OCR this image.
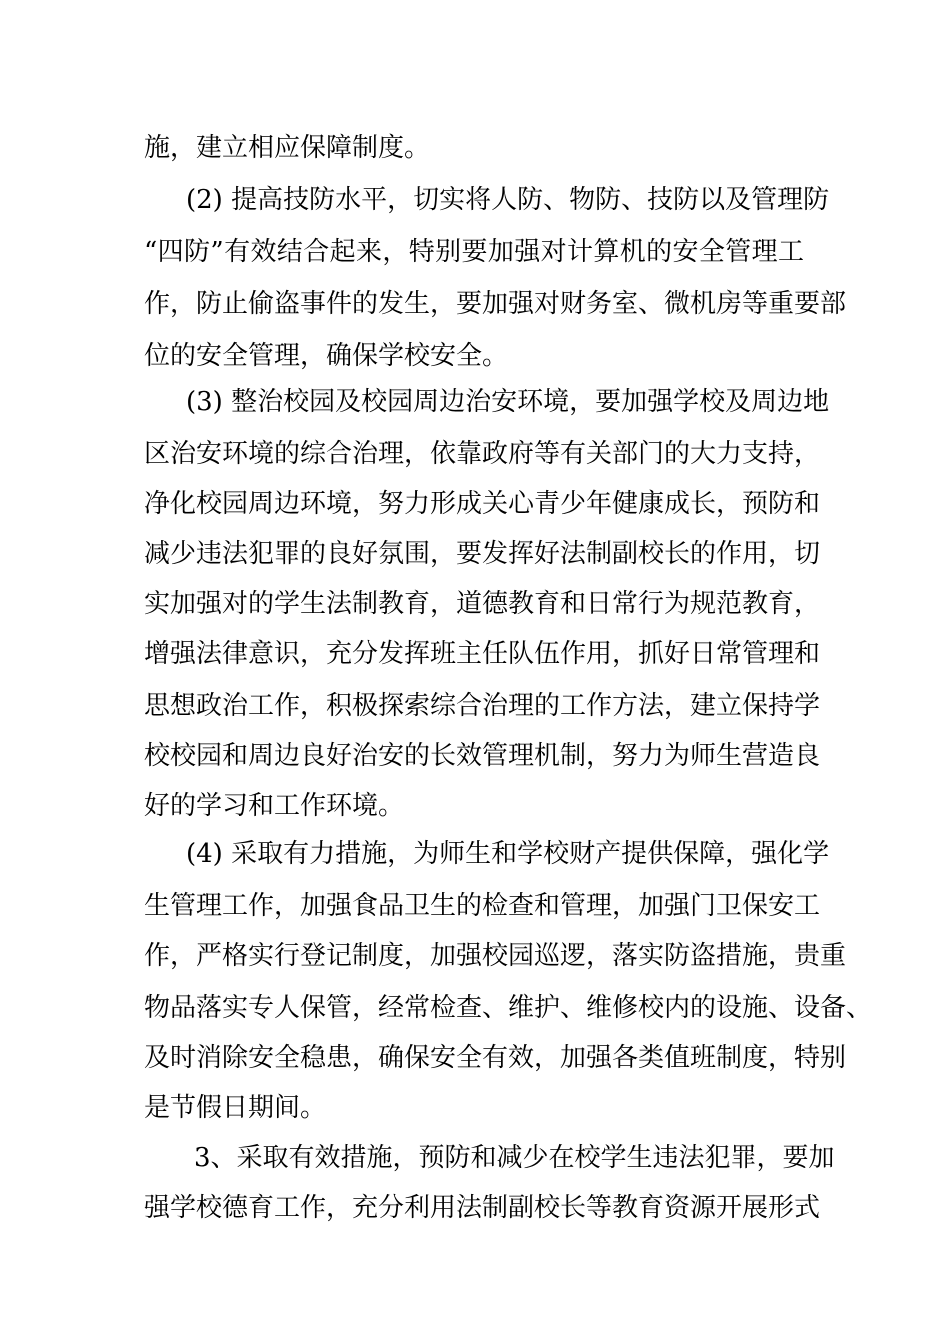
施，建立相应保障制度。
(2) 提高技防水平，切实将人防、物防、技防以及管理防
“四防”有效结合起来，特别要加强对计算机的安全管理工
作，防止偷盗事件的发生，要加强对财务室、微机房等重要部
位的安全管理，确保学校安全。
(3) 整治校园及校园周边治安环境，要加强学校及周边地
区治安环境的综合治理，依靠政府等有关部门的大力支持，
净化校园周边环境，努力形成关心青少年健康成长，预防和
减少违法犯罪的良好氛围，要发挥好法制副校长的作用，切
实加强对的学生法制教育，道德教育和日常行为规范教育，
增强法律意识，充分发挥班主任队伍作用，抓好日常管理和
思想政治工作，积极探索综合治理的工作方法，建立保持学
校校园和周边良好治安的长效管理机制，努力为师生营造良
好的学习和工作环境。
(4) 采取有力措施，为师生和学校财产提供保障，强化学
生管理工作，加强食品卫生的检查和管理，加强门卫保安工
作，严格实行登记制度，加强校园巡逻，落实防盗措施，贵重
物品落实专人保管，经常检查、维护、维修校内的设施、设备、
及时消除安全稳患，确保安全有效，加强各类值班制度，特别
是节假日期间。
3、采取有效措施，预防和减少在校学生违法犯罪，要加
强学校德育工作，充分利用法制副校长等教育资源开展形式
